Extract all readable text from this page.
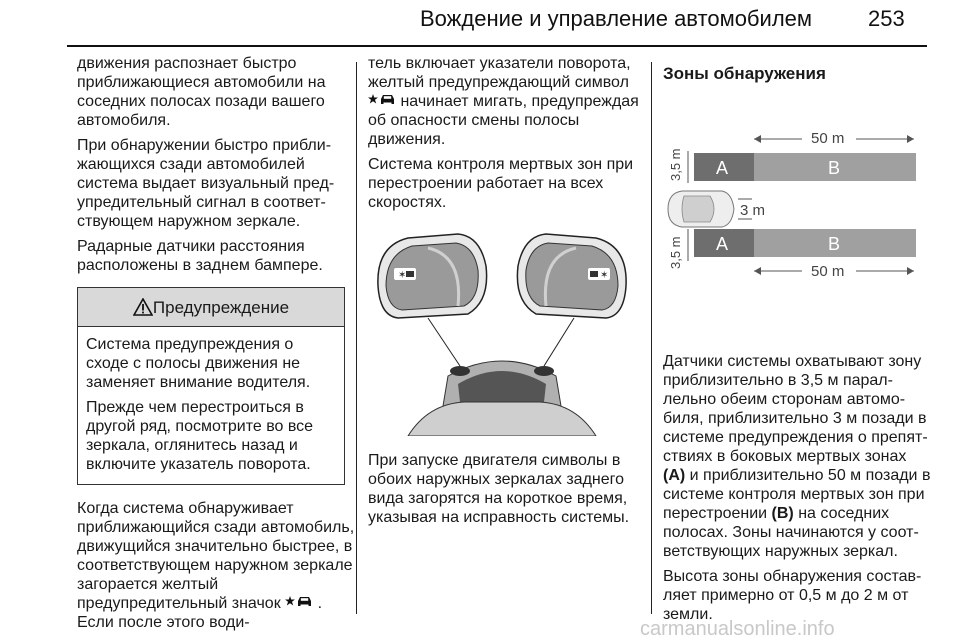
Вождение и управление автомобилем	253

движения распознает быстро приближающиеся автомобили на соседних полосах позади вашего автомобиля.

При обнаружении быстро приближающихся сзади автомобилей система выдает визуальный предупредительный сигнал в соответствующем наружном зеркале.

Радарные датчики расстояния расположены в заднем бампере.

Предупреждение

Система предупреждения о сходе с полосы движения не заменяет внимание водителя.

Прежде чем перестроиться в другой ряд, посмотрите во все зеркала, оглянитесь назад и включите указатель поворота.

Когда система обнаруживает приближающийся сзади автомобиль, движущийся значительно быстрее, в соответствующем наружном зеркале загорается желтый предупредительный значок . Если после этого води-

тель включает указатели поворота, желтый предупреждающий символ  начинает мигать, предупреждая об опасности смены полосы движения.

Система контроля мертвых зон при перестроении работает на всех скоростях.

✶	✶

При запуске двигателя символы в обоих наружных зеркалах заднего вида загорятся на короткое время, указывая на исправность системы.

Зоны обнаружения
50 m
3,5 m
3,5 m
A	B
3 m
A	B
50 m

Датчики системы охватывают зону приблизительно в 3,5 м параллельно обеим сторонам автомобиля, приблизительно 3 м позади в системе предупреждения о препятствиях в боковых мертвых зонах (A) и приблизительно 50 м позади в системе контроля мертвых зон при перестроении (B) на соседних полосах. Зоны начинаются у соответствующих наружных зеркал.

Высота зоны обнаружения составляет примерно от 0,5 м до 2 м от земли.

carmanualsonline.info
